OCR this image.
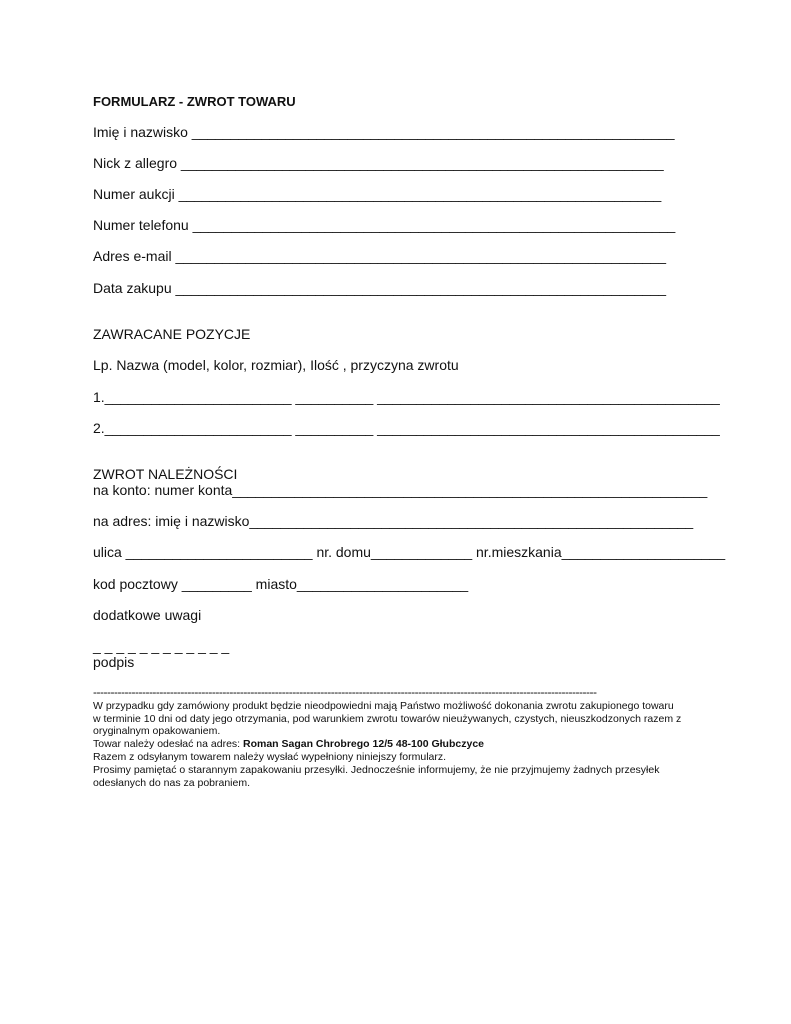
FORMULARZ - ZWROT TOWARU
Imię i nazwisko ______________________________________________________________
Nick z allegro ______________________________________________________________
Numer aukcji ______________________________________________________________
Numer telefonu ______________________________________________________________
Adres e-mail _______________________________________________________________
Data zakupu _______________________________________________________________
ZAWRACANE POZYCJE
Lp. Nazwa (model, kolor, rozmiar), Ilość , przyczyna zwrotu
1.________________________ __________ ____________________________________________
2.________________________ __________ ____________________________________________
ZWROT NALEŻNOŚCI
na konto: numer konta_____________________________________________________________
na adres: imię i nazwisko_________________________________________________________
ulica ________________________ nr. domu_____________ nr.mieszkania_____________________
kod pocztowy _________ miasto______________________
dodatkowe uwagi
_ _ _ _ _ _ _ _ _ _ _ _
podpis
------------------------------------------------------------------------------------------------------------------------------------------------
W przypadku gdy zamówiony produkt będzie nieodpowiedni mają Państwo możliwość dokonania zwrotu zakupionego towaru w terminie 10 dni od daty jego otrzymania, pod warunkiem zwrotu towarów nieużywanych, czystych, nieuszkodzonych razem z oryginalnym opakowaniem.
Towar należy odesłać na adres: Roman Sagan Chrobrego 12/5 48-100 Głubczyce
Razem z odsyłanym towarem należy wysłać wypełniony niniejszy formularz.
Prosimy pamiętać o starannym zapakowaniu przesyłki. Jednocześnie informujemy, że nie przyjmujemy żadnych przesyłek odesłanych do nas za pobraniem.
